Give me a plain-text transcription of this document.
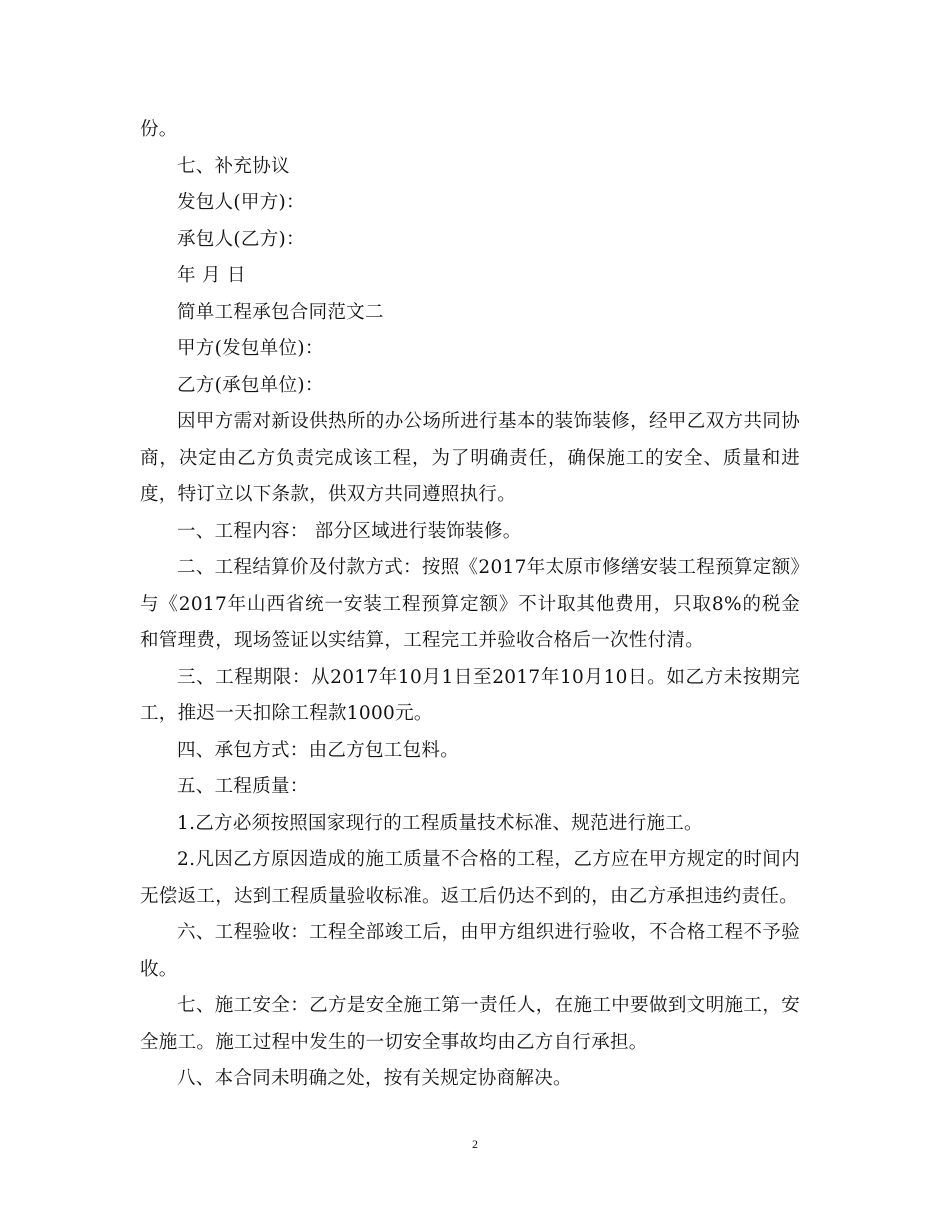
份。

七、补充协议

发包人(甲方)：

承包人(乙方)：

年 月 日

简单工程承包合同范文二

甲方(发包单位)：

乙方(承包单位)：

因甲方需对新设供热所的办公场所进行基本的装饰装修，经甲乙双方共同协商，决定由乙方负责完成该工程，为了明确责任，确保施工的安全、质量和进度，特订立以下条款，供双方共同遵照执行。

一、工程内容： 部分区域进行装饰装修。

二、工程结算价及付款方式：按照《2017年太原市修缮安装工程预算定额》与《2017年山西省统一安装工程预算定额》不计取其他费用，只取8%的税金和管理费，现场签证以实结算，工程完工并验收合格后一次性付清。

三、工程期限：从2017年10月1日至2017年10月10日。如乙方未按期完工，推迟一天扣除工程款1000元。

四、承包方式：由乙方包工包料。

五、工程质量：

1.乙方必须按照国家现行的工程质量技术标准、规范进行施工。

2.凡因乙方原因造成的施工质量不合格的工程，乙方应在甲方规定的时间内无偿返工，达到工程质量验收标准。返工后仍达不到的，由乙方承担违约责任。

六、工程验收：工程全部竣工后，由甲方组织进行验收，不合格工程不予验收。

七、施工安全：乙方是安全施工第一责任人，在施工中要做到文明施工，安全施工。施工过程中发生的一切安全事故均由乙方自行承担。

八、本合同未明确之处，按有关规定协商解决。

2
